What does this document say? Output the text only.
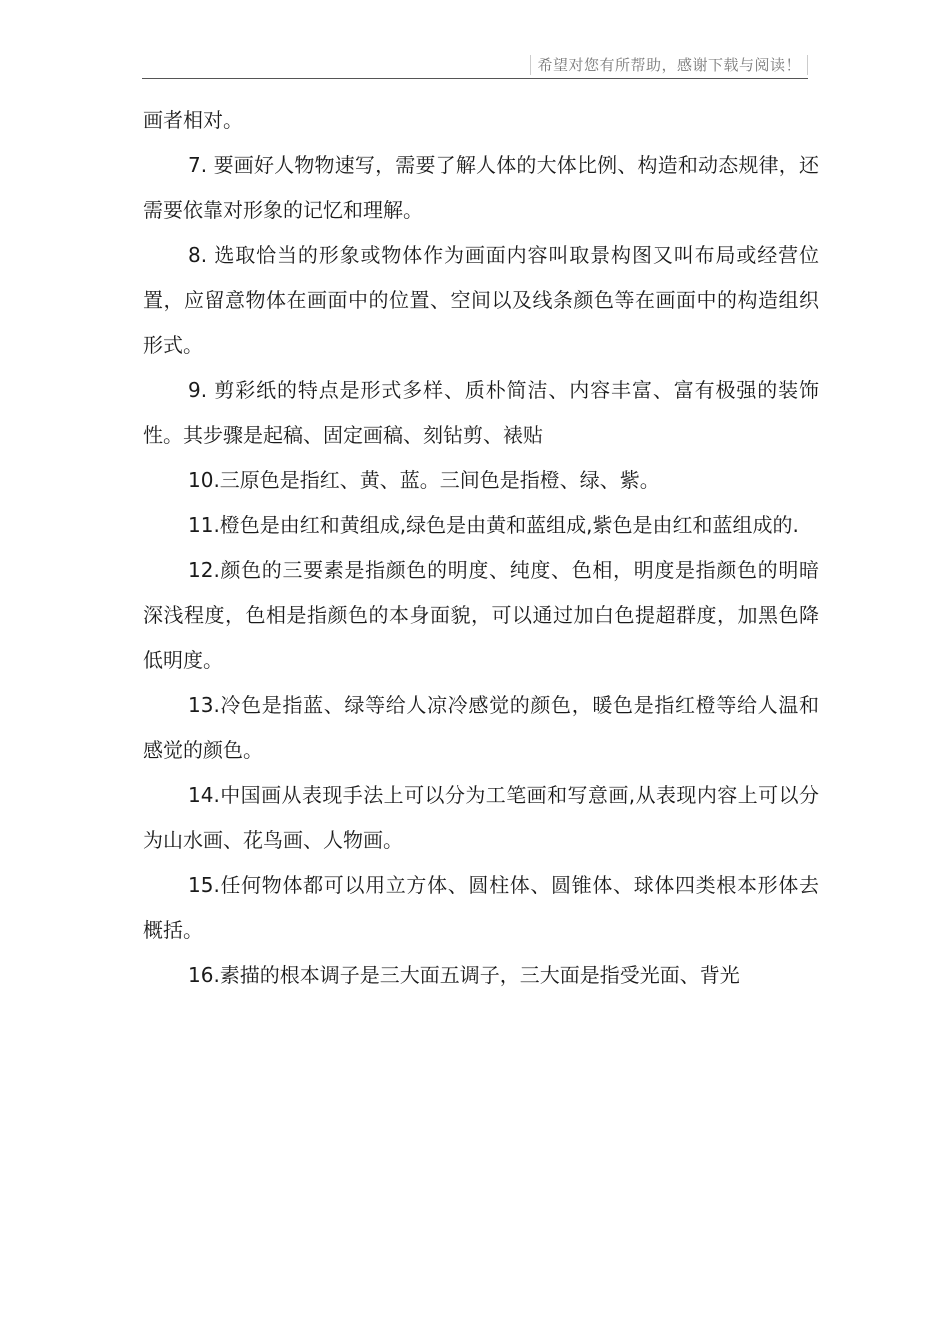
希望对您有所帮助，感谢下载与阅读！

画者相对。

7. 要画好人物物速写，需要了解人体的大体比例、构造和动态规律，还需要依靠对形象的记忆和理解。

8. 选取恰当的形象或物体作为画面内容叫取景构图又叫布局或经营位置，应留意物体在画面中的位置、空间以及线条颜色等在画面中的构造组织形式。

9. 剪彩纸的特点是形式多样、质朴简洁、内容丰富、富有极强的装饰性。其步骤是起稿、固定画稿、刻钻剪、裱贴

10.三原色是指红、黄、蓝。三间色是指橙、绿、紫。

11.橙色是由红和黄组成,绿色是由黄和蓝组成,紫色是由红和蓝组成的.

12.颜色的三要素是指颜色的明度、纯度、色相，明度是指颜色的明暗深浅程度，色相是指颜色的本身面貌，可以通过加白色提超群度，加黑色降低明度。

13.冷色是指蓝、绿等给人凉冷感觉的颜色，暖色是指红橙等给人温和感觉的颜色。

14.中国画从表现手法上可以分为工笔画和写意画,从表现内容上可以分为山水画、花鸟画、人物画。

15.任何物体都可以用立方体、圆柱体、圆锥体、球体四类根本形体去概括。

16.素描的根本调子是三大面五调子，三大面是指受光面、背光
